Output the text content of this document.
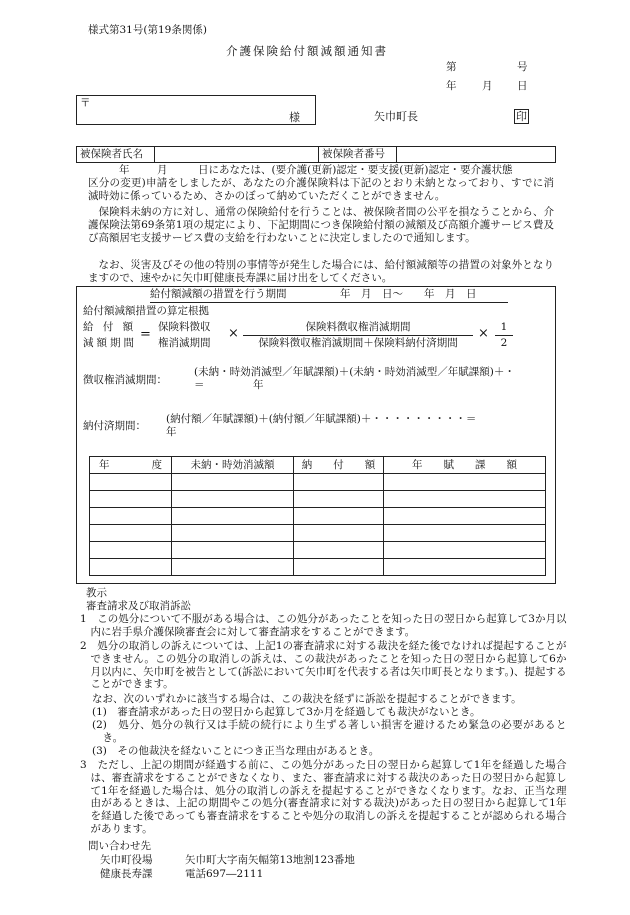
様式第31号(第19条関係)
介護保険給付額減額通知書
第	号
年 月 日
〒
様	矢巾町長	印
被保険者氏名	被保険者番号
年	月	日にあなたは、(要介護(更新)認定・要支援(更新)認定・要介護状態
区分の変更)申請をしましたが、あなたの介護保険料は下記のとおり未納となっており、すでに消滅時効に係っているため、さかのぼって納めていただくことができません。
保険料未納の方に対し、通常の保険給付を行うことは、被保険者間の公平を損なうことから、介護保険法第69条第1項の規定により、下記期間につき保険給付額の減額及び高額介護サービス費及び高額居宅支援サービス費の支給を行わないことに決定しましたので通知します。
なお、災害及びその他の特別の事情等が発生した場合には、給付額減額等の措置の対象外となりますので、速やかに矢巾町健康長寿課に届け出をしてください。
給付額減額の措置を行う期間	年　月　日〜 年　月　日
給付額減額措置の算定根拠
給 付 額
減額期間
= 保険料徴収
権消滅期間
×	保険料徴収権消滅期間
保険料徴収権消滅期間＋保険料納付済期間
×	1
2
徴収権消滅期間：
(未納・時効消滅型／年賦課額)＋(未納・時効消滅型／年賦課額)＋・
＝	年
納付済期間：
(納付額／年賦課額)＋(納付額／年賦課額)＋・・・・・・・・・＝
年
年　　　　度	未納・時効消滅額	納　　付　　額	年　　賦　　課　　額

教示
審査請求及び取消訴訟
1　この処分について不服がある場合は、この処分があったことを知った日の翌日から起算して3か月以内に岩手県介護保険審査会に対して審査請求をすることができます。
2　処分の取消しの訴えについては、上記1の審査請求に対する裁決を経た後でなければ提起することができません。この処分の取消しの訴えは、この裁決があったことを知った日の翌日から起算して6か月以内に、矢巾町を被告として(訴訟において矢巾町を代表する者は矢巾町長となります。)、提起することができます。
なお、次のいずれかに該当する場合は、この裁決を経ずに訴訟を提起することができます。
(1)　審査請求があった日の翌日から起算して3か月を経過しても裁決がないとき。
(2)　処分、処分の執行又は手続の続行により生ずる著しい損害を避けるため緊急の必要があるとき。
(3)　その他裁決を経ないことにつき正当な理由があるとき。
3　ただし、上記の期間が経過する前に、この処分があった日の翌日から起算して1年を経過した場合は、審査請求をすることができなくなり、また、審査請求に対する裁決のあった日の翌日から起算して1年を経過した場合は、処分の取消しの訴えを提起することができなくなります。なお、正当な理由があるときは、上記の期間やこの処分(審査請求に対する裁決)があった日の翌日から起算して1年を経過した後であっても審査請求をすることや処分の取消しの訴えを提起することが認められる場合があります。
問い合わせ先
矢巾町役場	矢巾町大字南矢幅第13地割123番地
健康長寿課	電話697―2111
